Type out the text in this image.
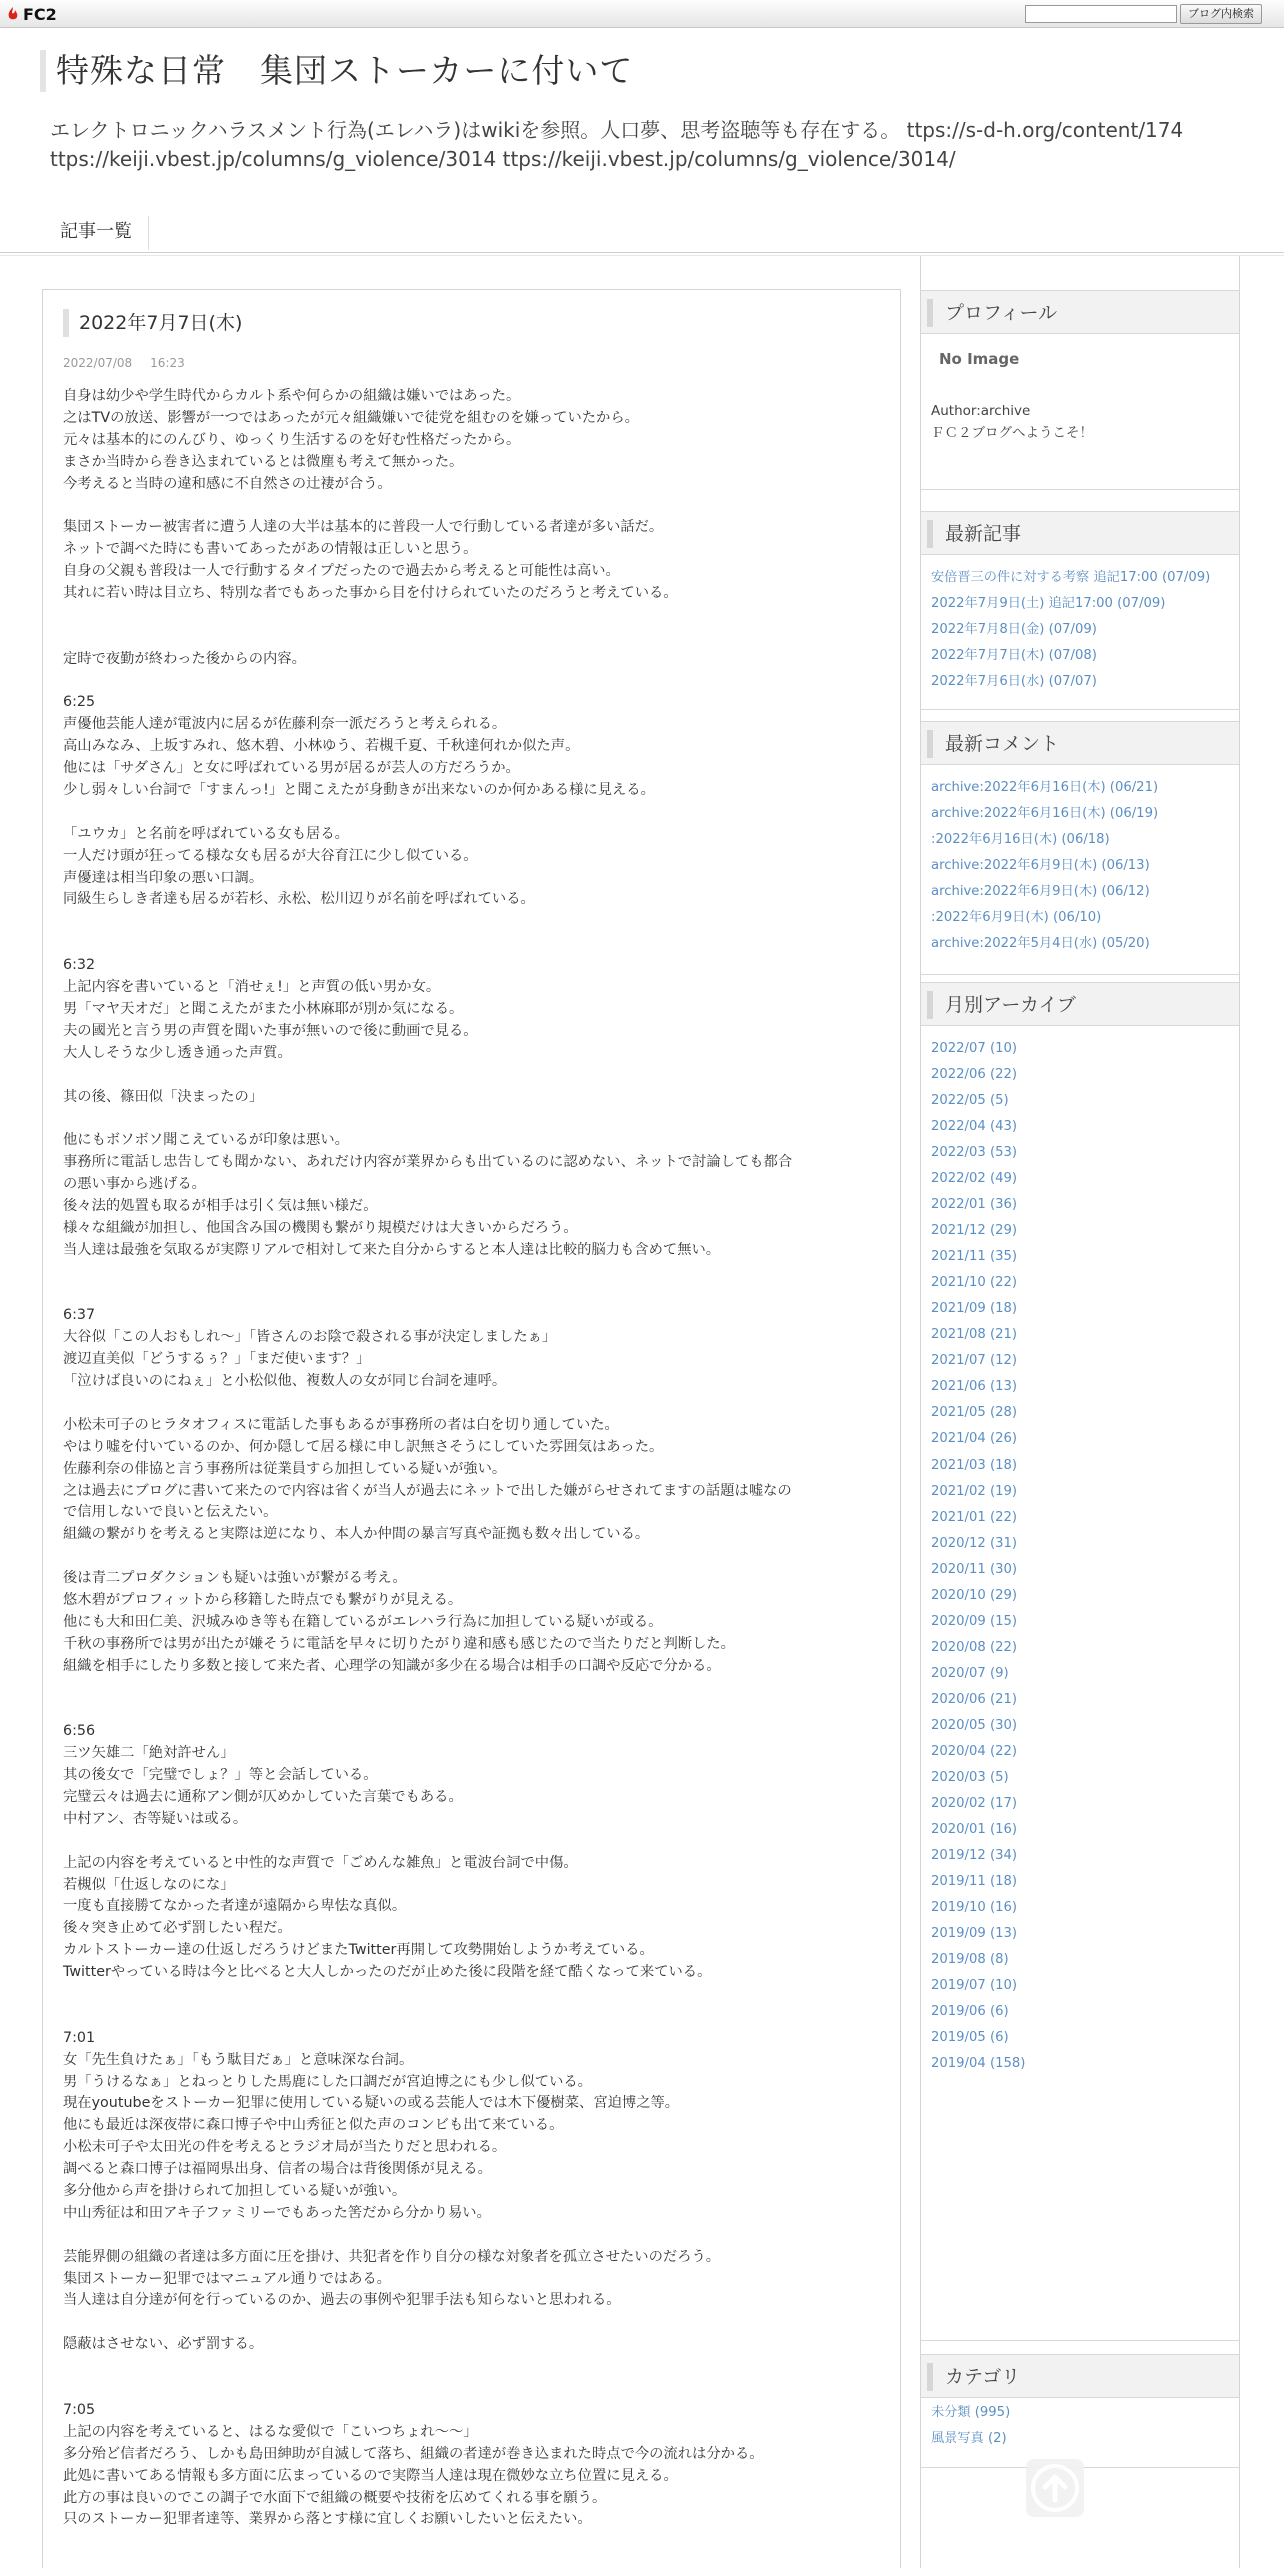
FC2	ブログ内検索
特殊な日常　集団ストーカーに付いて
エレクトロニックハラスメント行為(エレハラ)はwikiを参照。人口夢、思考盗聴等も存在する。 ttps://s-d-h.org/content/174
ttps://keiji.vbest.jp/columns/g_violence/3014 ttps://keiji.vbest.jp/columns/g_violence/3014/
記事一覧
2022年7月7日(木)
2022/07/08 16:23
自身は幼少や学生時代からカルト系や何らかの組織は嫌いではあった。
之はTVの放送、影響が一つではあったが元々組織嫌いで徒党を組むのを嫌っていたから。
元々は基本的にのんびり、ゆっくり生活するのを好む性格だったから。
まさか当時から巻き込まれているとは微塵も考えて無かった。
今考えると当時の違和感に不自然さの辻褄が合う。
集団ストーカー被害者に遭う人達の大半は基本的に普段一人で行動している者達が多い話だ。
ネットで調べた時にも書いてあったがあの情報は正しいと思う。
自身の父親も普段は一人で行動するタイプだったので過去から考えると可能性は高い。
其れに若い時は目立ち、特別な者でもあった事から目を付けられていたのだろうと考えている。
定時で夜勤が終わった後からの内容。
6:25
声優他芸能人達が電波内に居るが佐藤利奈一派だろうと考えられる。
高山みなみ、上坂すみれ、悠木碧、小林ゆう、若槻千夏、千秋達何れか似た声。
他には「サダさん」と女に呼ばれている男が居るが芸人の方だろうか。
少し弱々しい台詞で「すまんっ!」と聞こえたが身動きが出来ないのか何かある様に見える。
「ユウカ」と名前を呼ばれている女も居る。
一人だけ頭が狂ってる様な女も居るが大谷育江に少し似ている。
声優達は相当印象の悪い口調。
同級生らしき者達も居るが若杉、永松、松川辺りが名前を呼ばれている。
6:32
上記内容を書いていると「消せぇ!」と声質の低い男か女。
男「マヤ天オだ」と聞こえたがまた小林麻耶が別か気になる。
夫の國光と言う男の声質を聞いた事が無いので後に動画で見る。
大人しそうな少し透き通った声質。
其の後、篠田似「決まったの」
他にもボソボソ聞こえているが印象は悪い。
事務所に電話し忠告しても聞かない、あれだけ内容が業界からも出ているのに認めない、ネットで討論しても都合
の悪い事から逃げる。
後々法的処置も取るが相手は引く気は無い様だ。
様々な組織が加担し、他国含み国の機関も繋がり規模だけは大きいからだろう。
当人達は最強を気取るが実際リアルで相対して来た自分からすると本人達は比較的脳力も含めて無い。
6:37
大谷似「この人おもしれ～」「皆さんのお陰で殺される事が決定しましたぁ」
渡辺直美似「どうするぅ？」「まだ使います？」
「泣けば良いのにねぇ」と小松似他、複数人の女が同じ台詞を連呼。
小松未可子のヒラタオフィスに電話した事もあるが事務所の者は白を切り通していた。
やはり嘘を付いているのか、何か隠して居る様に申し訳無さそうにしていた雰囲気はあった。
佐藤利奈の俳協と言う事務所は従業員すら加担している疑いが強い。
之は過去にブログに書いて来たので内容は省くが当人が過去にネットで出した嫌がらせされてますの話題は嘘なの
で信用しないで良いと伝えたい。
組織の繋がりを考えると実際は逆になり、本人か仲間の暴言写真や証拠も数々出している。
後は青二プロダクションも疑いは強いが繋がる考え。
悠木碧がプロフィットから移籍した時点でも繋がりが見える。
他にも大和田仁美、沢城みゆき等も在籍しているがエレハラ行為に加担している疑いが或る。
千秋の事務所では男が出たが嫌そうに電話を早々に切りたがり違和感も感じたので当たりだと判断した。
組織を相手にしたり多数と接して来た者、心理学の知識が多少在る場合は相手の口調や反応で分かる。
6:56
三ツ矢雄二「絶対許せん」
其の後女で「完璧でしょ？」等と会話している。
完璧云々は過去に通称アン側が仄めかしていた言葉でもある。
中村アン、杏等疑いは或る。
上記の内容を考えていると中性的な声質で「ごめんな雑魚」と電波台詞で中傷。
若槻似「仕返しなのにな」
一度も直接勝てなかった者達が遠隔から卑怯な真似。
後々突き止めて必ず罰したい程だ。
カルトストーカー達の仕返しだろうけどまたTwitter再開して攻勢開始しようか考えている。
Twitterやっている時は今と比べると大人しかったのだが止めた後に段階を経て酷くなって来ている。
7:01
女「先生負けたぁ」「もう駄目だぁ」と意味深な台詞。
男「うけるなぁ」とねっとりした馬鹿にした口調だが宮迫博之にも少し似ている。
現在youtubeをストーカー犯罪に使用している疑いの或る芸能人では木下優樹菜、宮迫博之等。
他にも最近は深夜帯に森口博子や中山秀征と似た声のコンビも出て来ている。
小松未可子や太田光の件を考えるとラジオ局が当たりだと思われる。
調べると森口博子は福岡県出身、信者の場合は背後関係が見える。
多分他から声を掛けられて加担している疑いが強い。
中山秀征は和田アキ子ファミリーでもあった筈だから分かり易い。
芸能界側の組織の者達は多方面に圧を掛け、共犯者を作り自分の様な対象者を孤立させたいのだろう。
集団ストーカー犯罪ではマニュアル通りではある。
当人達は自分達が何を行っているのか、過去の事例や犯罪手法も知らないと思われる。
隠蔽はさせない、必ず罰する。
7:05
上記の内容を考えていると、はるな愛似で「こいつちょれ～～」
多分殆ど信者だろう、しかも島田紳助が自滅して落ち、組織の者達が巻き込まれた時点で今の流れは分かる。
此処に書いてある情報も多方面に広まっているので実際当人達は現在微妙な立ち位置に見える。
此方の事は良いのでこの調子で水面下で組織の概要や技術を広めてくれる事を願う。
只のストーカー犯罪者達等、業界から落とす様に宜しくお願いしたいと伝えたい。
プロフィール
No Image
Author:archive
ＦＣ２ブログへようこそ！
最新記事
安倍晋三の件に対する考察 追記17:00 (07/09)
2022年7月9日(土) 追記17:00 (07/09)
2022年7月8日(金) (07/09)
2022年7月7日(木) (07/08)
2022年7月6日(水) (07/07)
最新コメント
archive:2022年6月16日(木) (06/21)
archive:2022年6月16日(木) (06/19)
:2022年6月16日(木) (06/18)
archive:2022年6月9日(木) (06/13)
archive:2022年6月9日(木) (06/12)
:2022年6月9日(木) (06/10)
archive:2022年5月4日(水) (05/20)
月別アーカイブ
2022/07 (10)
2022/06 (22)
2022/05 (5)
2022/04 (43)
2022/03 (53)
2022/02 (49)
2022/01 (36)
2021/12 (29)
2021/11 (35)
2021/10 (22)
2021/09 (18)
2021/08 (21)
2021/07 (12)
2021/06 (13)
2021/05 (28)
2021/04 (26)
2021/03 (18)
2021/02 (19)
2021/01 (22)
2020/12 (31)
2020/11 (30)
2020/10 (29)
2020/09 (15)
2020/08 (22)
2020/07 (9)
2020/06 (21)
2020/05 (30)
2020/04 (22)
2020/03 (5)
2020/02 (17)
2020/01 (16)
2019/12 (34)
2019/11 (18)
2019/10 (16)
2019/09 (13)
2019/08 (8)
2019/07 (10)
2019/06 (6)
2019/05 (6)
2019/04 (158)
カテゴリ
未分類 (995)
風景写真 (2)
